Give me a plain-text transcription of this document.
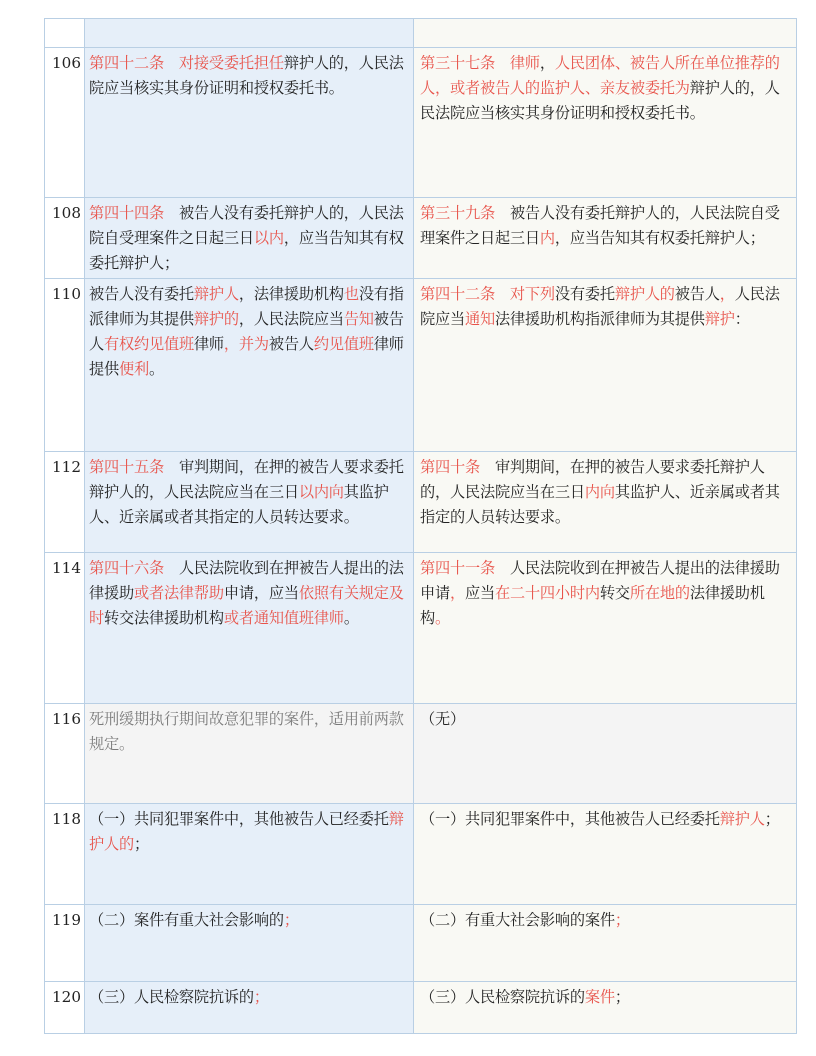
106	第四十二条　对接受委托担任辩护人的，人民法院应当核实其身份证明和授权委托书。	第三十七条　律师，人民团体、被告人所在单位推荐的人，或者被告人的监护人、亲友被委托为辩护人的，人民法院应当核实其身份证明和授权委托书。
108	第四十四条　被告人没有委托辩护人的，人民法院自受理案件之日起三日以内，应当告知其有权委托辩护人；	第三十九条　被告人没有委托辩护人的，人民法院自受理案件之日起三日内，应当告知其有权委托辩护人；
110	被告人没有委托辩护人，法律援助机构也没有指派律师为其提供辩护的，人民法院应当告知被告人有权约见值班律师，并为被告人约见值班律师提供便利。	第四十二条　对下列没有委托辩护人的被告人，人民法院应当通知法律援助机构指派律师为其提供辩护：
112	第四十五条　审判期间，在押的被告人要求委托辩护人的，人民法院应当在三日以内向其监护人、近亲属或者其指定的人员转达要求。	第四十条　审判期间，在押的被告人要求委托辩护人的，人民法院应当在三日内向其监护人、近亲属或者其指定的人员转达要求。
114	第四十六条　人民法院收到在押被告人提出的法律援助或者法律帮助申请，应当依照有关规定及时转交法律援助机构或者通知值班律师。	第四十一条　人民法院收到在押被告人提出的法律援助申请，应当在二十四小时内转交所在地的法律援助机构。
116	死刑缓期执行期间故意犯罪的案件，适用前两款规定。	（无）
118	（一）共同犯罪案件中，其他被告人已经委托辩护人的；	（一）共同犯罪案件中，其他被告人已经委托辩护人；
119	（二）案件有重大社会影响的；	（二）有重大社会影响的案件；
120	（三）人民检察院抗诉的；	（三）人民检察院抗诉的案件；
